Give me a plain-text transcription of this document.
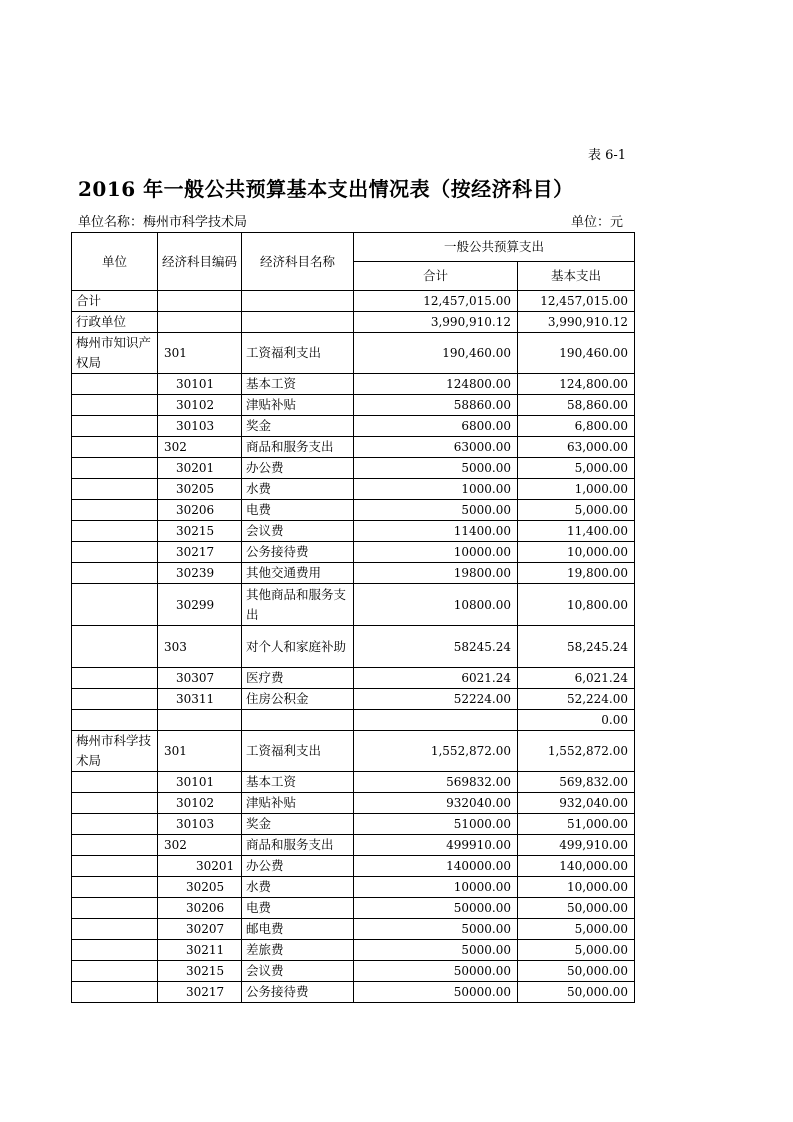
表 6-1
2016 年一般公共预算基本支出情况表（按经济科目）
单位名称：梅州市科学技术局	单位：元
单位	经济科目编码	经济科目名称	一般公共预算支出	
			合计	基本支出
合计			12,457,015.00	12,457,015.00
行政单位			3,990,910.12	3,990,910.12
梅州市知识产权局	301	工资福利支出	190,460.00	190,460.00
	30101	基本工资	124800.00	124,800.00
	30102	津贴补贴	58860.00	58,860.00
	30103	奖金	6800.00	6,800.00
	302	商品和服务支出	63000.00	63,000.00
	30201	办公费	5000.00	5,000.00
	30205	水费	1000.00	1,000.00
	30206	电费	5000.00	5,000.00
	30215	会议费	11400.00	11,400.00
	30217	公务接待费	10000.00	10,000.00
	30239	其他交通费用	19800.00	19,800.00
	30299	其他商品和服务支出	10800.00	10,800.00
	303	对个人和家庭补助	58245.24	58,245.24
	30307	医疗费	6021.24	6,021.24
	30311	住房公积金	52224.00	52,224.00
				0.00
梅州市科学技术局	301	工资福利支出	1,552,872.00	1,552,872.00
	30101	基本工资	569832.00	569,832.00
	30102	津贴补贴	932040.00	932,040.00
	30103	奖金	51000.00	51,000.00
	302	商品和服务支出	499910.00	499,910.00
	30201	办公费	140000.00	140,000.00
	30205	水费	10000.00	10,000.00
	30206	电费	50000.00	50,000.00
	30207	邮电费	5000.00	5,000.00
	30211	差旅费	5000.00	5,000.00
	30215	会议费	50000.00	50,000.00
	30217	公务接待费	50000.00	50,000.00
